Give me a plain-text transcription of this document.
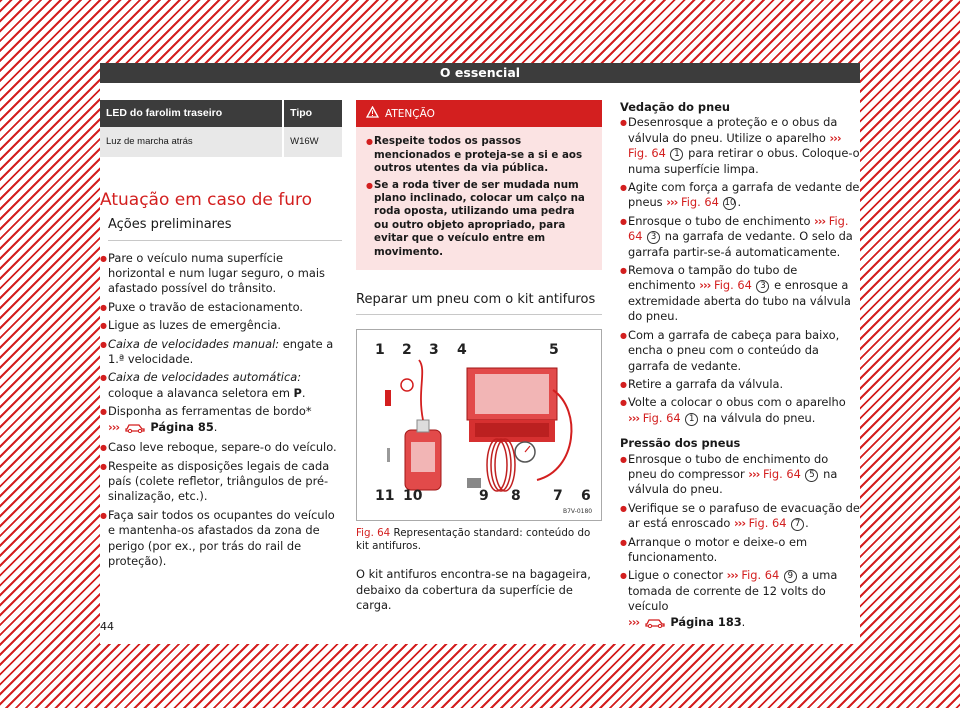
O essencial
LED do farolim traseiro	Tipo
Luz de marcha atrás	W16W
Atuação em caso de furo
Ações preliminares
● Pare o veículo numa superfície horizontal e num lugar seguro, o mais afastado possível do trânsito.
● Puxe o travão de estacionamento.
● Ligue as luzes de emergência.
● Caixa de velocidades manual: engate a 1.ª velocidade.
● Caixa de velocidades automática: coloque a alavanca seletora em P.
● Disponha as ferramentas de bordo*
›››	Página 85.
● Caso leve reboque, separe-o do veículo.
● Respeite as disposições legais de cada país (colete refletor, triângulos de pré-sinalização, etc.).
● Faça sair todos os ocupantes do veículo e mantenha-os afastados da zona de perigo (por ex., por trás do rail de proteção).
ATENÇÃO
● Respeite todos os passos mencionados e proteja-se a si e aos outros utentes da via pública.
● Se a roda tiver de ser mudada num plano inclinado, colocar um calço na roda oposta, utilizando uma pedra ou outro objeto apropriado, para evitar que o veículo entre em movimento.
Reparar um pneu com o kit antifuros
1 2 3 4	5
11 10	9 8 7 6
B7V-0180
Fig. 64 Representação standard: conteúdo do kit antifuros.
O kit antifuros encontra-se na bagageira, debaixo da cobertura da superfície de carga.
Vedação do pneu
● Desenrosque a proteção e o obus da válvula do pneu. Utilize o aparelho ››› Fig. 64 1 para retirar o obus. Coloque-o numa superfície limpa.
● Agite com força a garrafa de vedante de pneus ››› Fig. 64 10 .
● Enrosque o tubo de enchimento ››› Fig. 64 3 na garrafa de vedante. O selo da garrafa partir-se-á automaticamente.
● Remova o tampão do tubo de enchimento ››› Fig. 64 3 e enrosque a extremidade aberta do tubo na válvula do pneu.
● Com a garrafa de cabeça para baixo, encha o pneu com o conteúdo da garrafa de vedante.
● Retire a garrafa da válvula.
● Volte a colocar o obus com o aparelho ››› Fig. 64 1 na válvula do pneu.
Pressão dos pneus
● Enrosque o tubo de enchimento do pneu do compressor ››› Fig. 64 5 na válvula do pneu.
● Verifique se o parafuso de evacuação de ar está enroscado ››› Fig. 64 7 .
● Arranque o motor e deixe-o em funcionamento.
● Ligue o conector ››› Fig. 64 9 a uma tomada de corrente de 12 volts do veículo
›››	Página 183.
44
